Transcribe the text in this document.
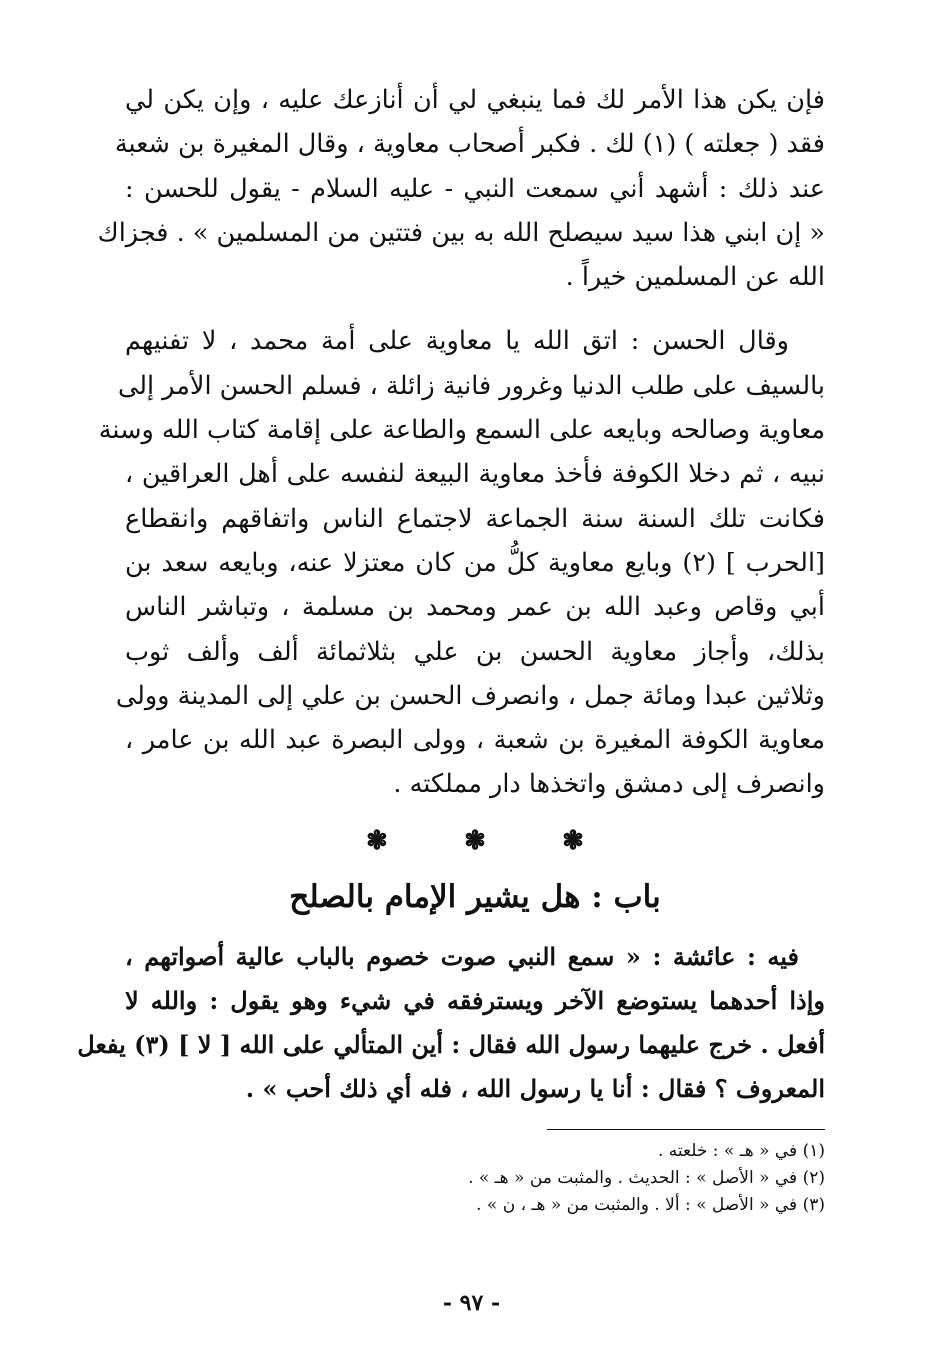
فإن يكن هذا الأمر لك فما ينبغي لي أن أنازعك عليه ، وإن يكن لي
فقد ( جعلته ) (١) لك . فكبر أصحاب معاوية ، وقال المغيرة بن شعبة
عند ذلك : أشهد أني سمعت النبي - عليه السلام - يقول للحسن :
« إن ابني هذا سيد سيصلح الله به بين فتتين من المسلمين » . فجزاك
الله عن المسلمين خيراً .
وقال الحسن : اتق الله يا معاوية على أمة محمد ، لا تفنيهم
بالسيف على طلب الدنيا وغرور فانية زائلة ، فسلم الحسن الأمر إلى
معاوية وصالحه وبايعه على السمع والطاعة على إقامة كتاب الله وسنة
نبيه ، ثم دخلا الكوفة فأخذ معاوية البيعة لنفسه على أهل العراقين ،
فكانت تلك السنة سنة الجماعة لاجتماع الناس واتفاقهم وانقطاع
[الحرب ] (٢) وبايع معاوية كلُّ من كان معتزلا عنه، وبايعه سعد بن
أبي وقاص وعبد الله بن عمر ومحمد بن مسلمة ، وتباشر الناس
بذلك، وأجاز معاوية الحسن بن علي بثلاثمائة ألف وألف ثوب
وثلاثين عبدا ومائة جمل ، وانصرف الحسن بن علي إلى المدينة وولى
معاوية الكوفة المغيرة بن شعبة ، وولى البصرة عبد الله بن عامر ،
وانصرف إلى دمشق واتخذها دار مملكته .
❃	❃	❃
باب : هل يشير الإمام بالصلح
فيه : عائشة : « سمع النبي صوت خصوم بالباب عالية أصواتهم ،
وإذا أحدهما يستوضع الآخر ويسترفقه في شيء وهو يقول : والله لا
أفعل . خرج عليهما رسول الله فقال : أين المتألي على الله [ لا ] (٣) يفعل
المعروف ؟ فقال : أنا يا رسول الله ، فله أي ذلك أحب » .
(١) في « هـ » : خلعته .
(٢) في « الأصل » : الحديث . والمثبت من « هـ » .
(٣) في « الأصل » : ألا . والمثبت من « هـ ، ن » .
- ٩٧ -
